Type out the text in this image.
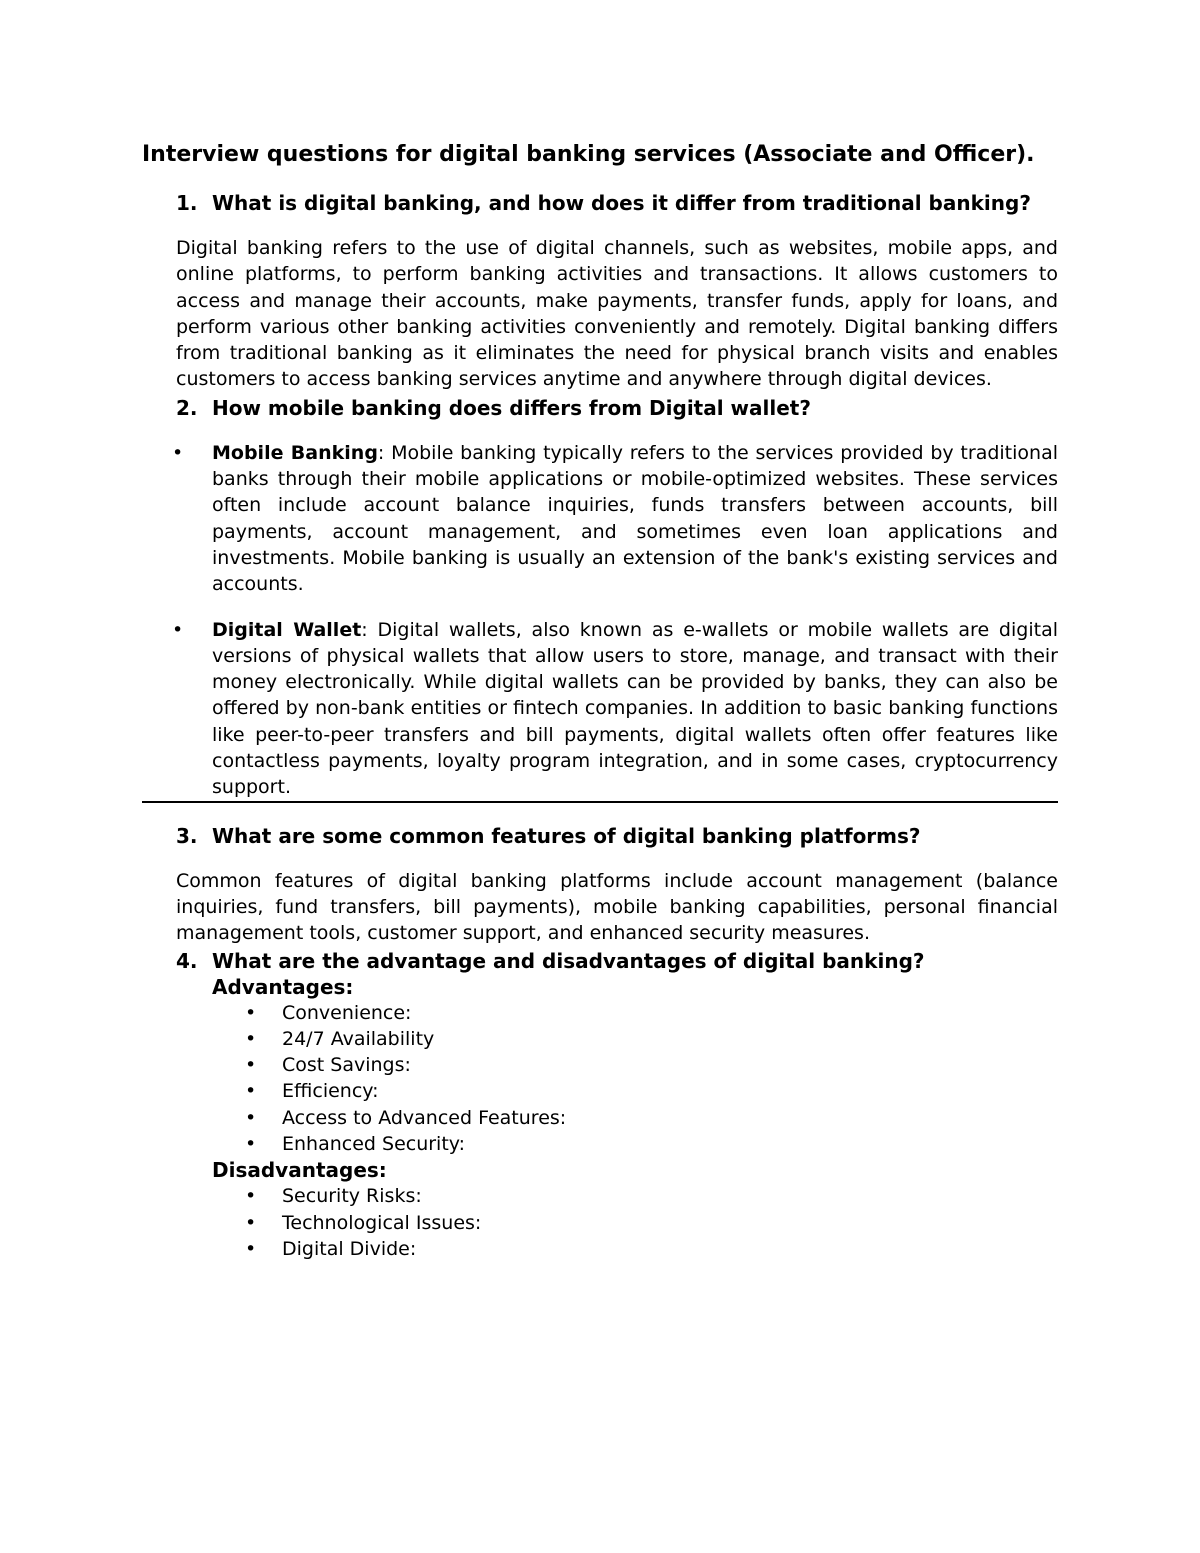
Interview questions for digital banking services (Associate and Officer).

1. What is digital banking, and how does it differ from traditional banking?

Digital banking refers to the use of digital channels, such as websites, mobile apps, and online platforms, to perform banking activities and transactions. It allows customers to access and manage their accounts, make payments, transfer funds, apply for loans, and perform various other banking activities conveniently and remotely. Digital banking differs from traditional banking as it eliminates the need for physical branch visits and enables customers to access banking services anytime and anywhere through digital devices.

2. How mobile banking does differs from Digital wallet?
•	Mobile Banking: Mobile banking typically refers to the services provided by traditional banks through their mobile applications or mobile-optimized websites. These services often include account balance inquiries, funds transfers between accounts, bill payments, account management, and sometimes even loan applications and investments. Mobile banking is usually an extension of the bank's existing services and accounts.
•	Digital Wallet: Digital wallets, also known as e-wallets or mobile wallets are digital versions of physical wallets that allow users to store, manage, and transact with their money electronically. While digital wallets can be provided by banks, they can also be offered by non-bank entities or fintech companies. In addition to basic banking functions like peer-to-peer transfers and bill payments, digital wallets often offer features like contactless payments, loyalty program integration, and in some cases, cryptocurrency support.
3. What are some common features of digital banking platforms?

Common features of digital banking platforms include account management (balance inquiries, fund transfers, bill payments), mobile banking capabilities, personal financial management tools, customer support, and enhanced security measures.

4. What are the advantage and disadvantages of digital banking?

Advantages:

•	Convenience:
•	24/7 Availability
•	Cost Savings:
•	Efficiency:
•	Access to Advanced Features:
•	Enhanced Security:

Disadvantages:

•	Security Risks:
•	Technological Issues:
•	Digital Divide:
